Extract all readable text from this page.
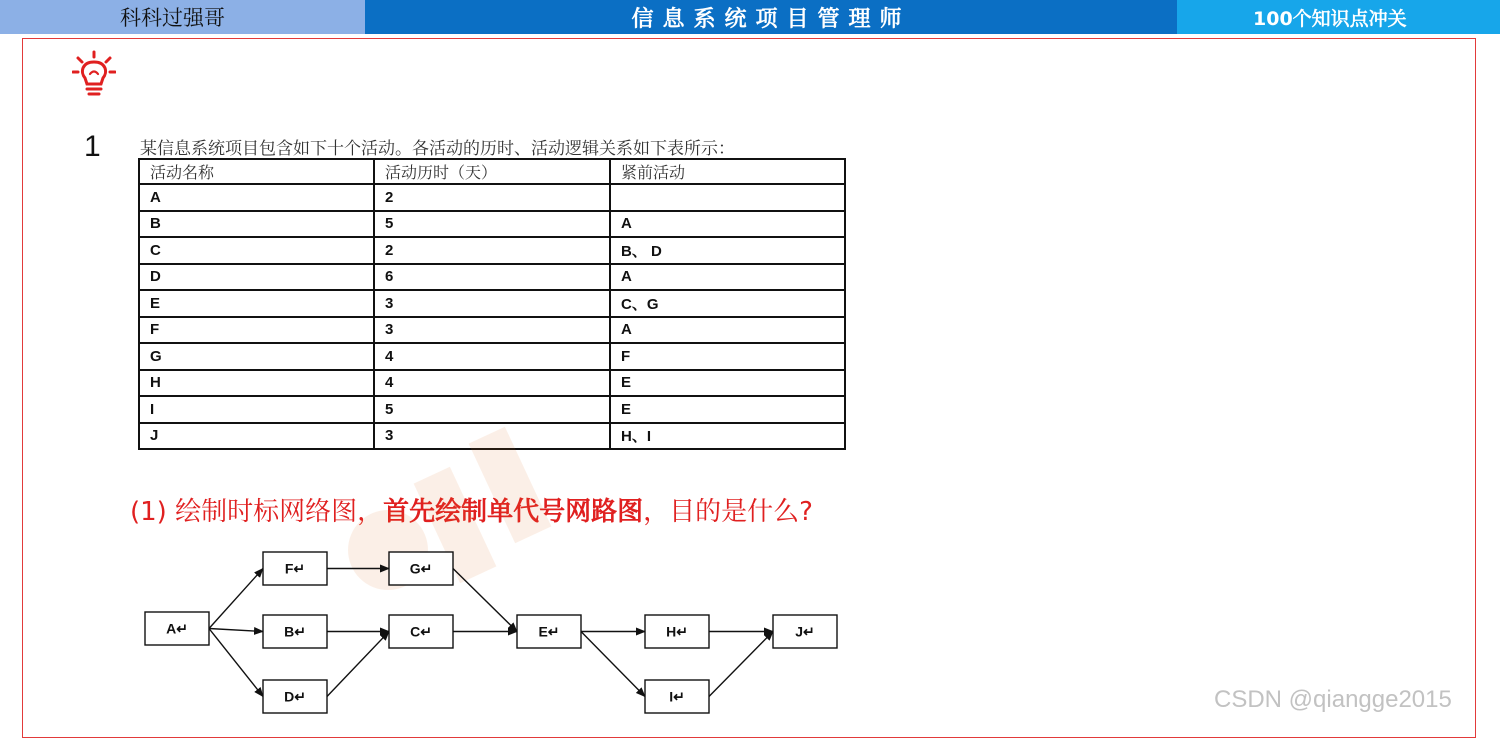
科科过强哥	信息系统项目管理师	100个知识点冲关
1 某信息系统项目包含如下十个活动。各活动的历时、活动逻辑关系如下表所示：
活动名称	活动历时（天）	紧前活动
A	2	
B	5	A
C	2	B、 D
D	6	A
E	3	C、G
F	3	A
G	4	F
H	4	E
I	5	E
J	3	H、I
(1) 绘制时标网络图，首先绘制单代号网路图，目的是什么?
A↵
F↵	G↵
B↵	C↵	E↵	H↵	J↵
D↵	I↵	CSDN @qiangge2015
